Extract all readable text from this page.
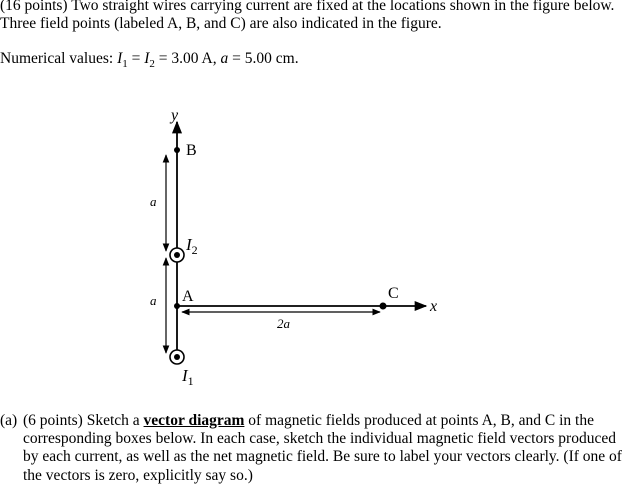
(16 points) Two straight wires carrying current are fixed at the locations shown in the figure below.
Three field points (labeled A, B, and C) are also indicated in the figure.
Numerical values: $I_1 = I_2 = 3.00$ A, a = 5.00 cm.
y
x
B
A	C
$I_2$
$I_1$
a
a
2a
(a) (6 points) Sketch a vector diagram of magnetic fields produced at points A, B, and C in the corresponding boxes below. In each case, sketch the individual magnetic field vectors produced by each current, as well as the net magnetic field. Be sure to label your vectors clearly. (If one of the vectors is zero, explicitly say so.)
